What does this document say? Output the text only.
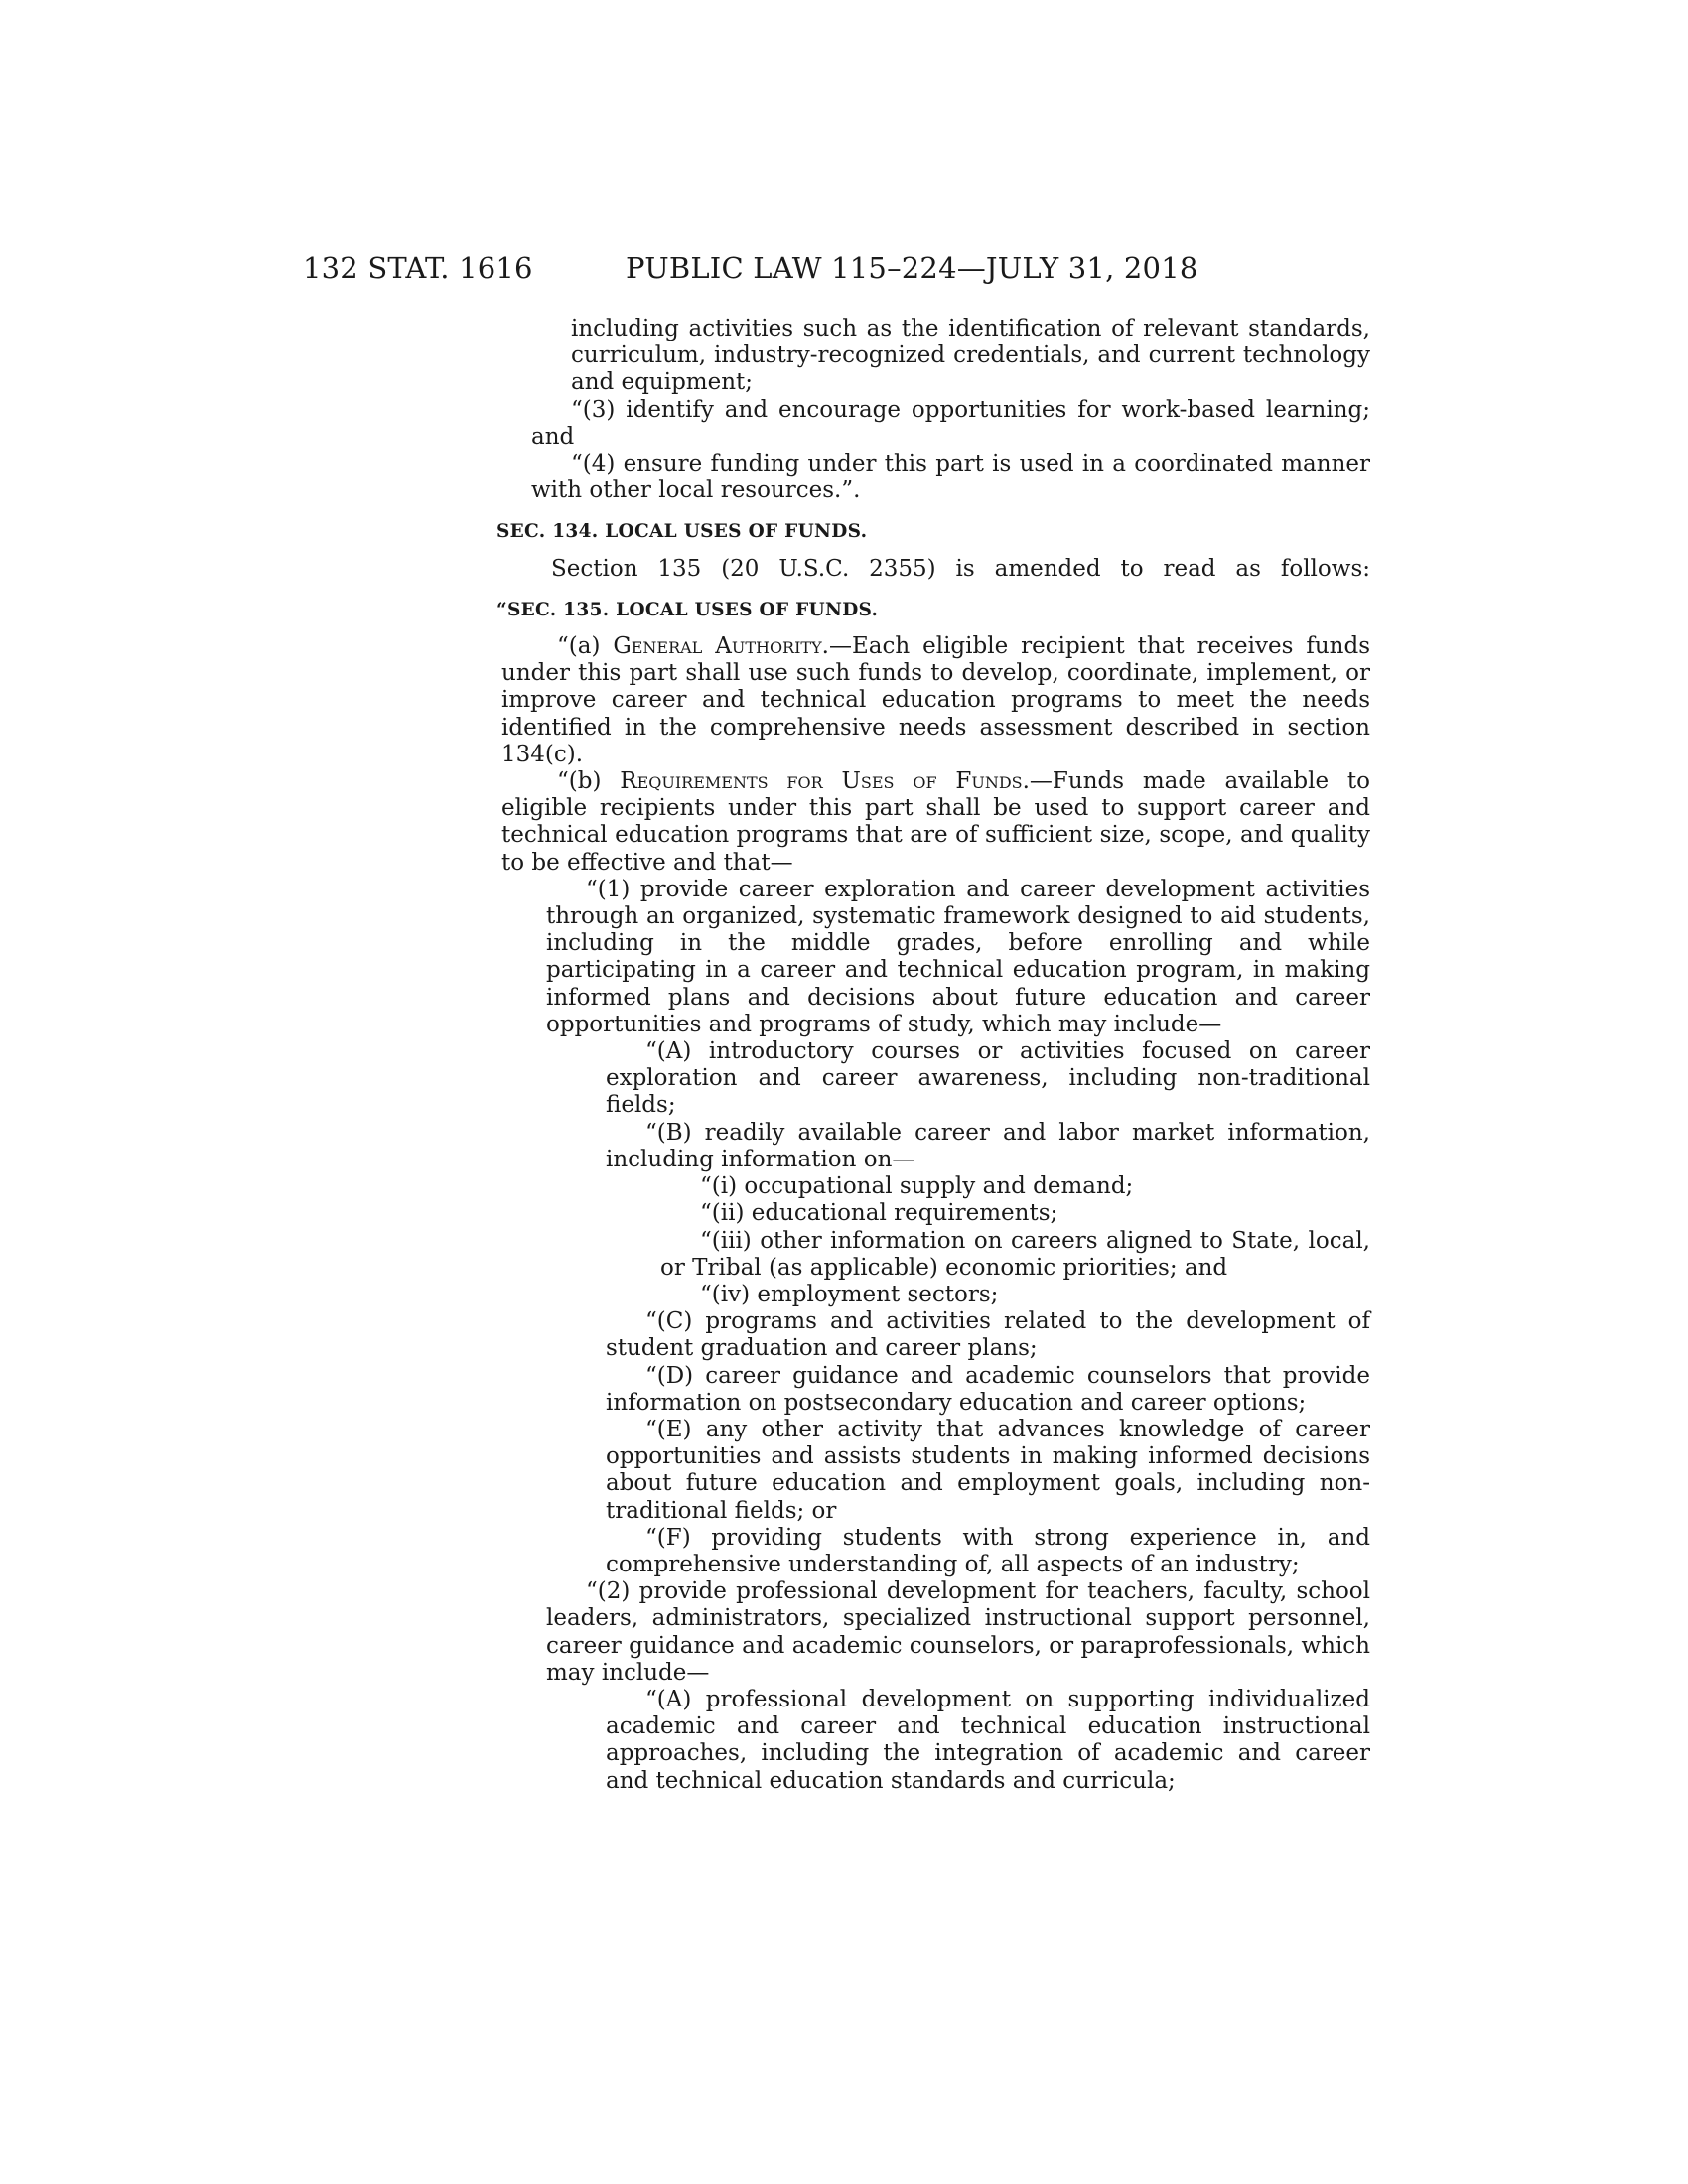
132 STAT. 1616	PUBLIC LAW 115–224—JULY 31, 2018

including activities such as the identification of relevant standards, curriculum, industry-recognized credentials, and current technology and equipment;

“(3) identify and encourage opportunities for work-based learning; and

“(4) ensure funding under this part is used in a coordinated manner with other local resources.”.

SEC. 134. LOCAL USES OF FUNDS.

Section 135 (20 U.S.C. 2355) is amended to read as follows:

“SEC. 135. LOCAL USES OF FUNDS.

“(a) General Authority.—Each eligible recipient that receives funds under this part shall use such funds to develop, coordinate, implement, or improve career and technical education programs to meet the needs identified in the comprehensive needs assessment described in section 134(c).

“(b) Requirements for Uses of Funds.—Funds made available to eligible recipients under this part shall be used to support career and technical education programs that are of sufficient size, scope, and quality to be effective and that—

“(1) provide career exploration and career development activities through an organized, systematic framework designed to aid students, including in the middle grades, before enrolling and while participating in a career and technical education program, in making informed plans and decisions about future education and career opportunities and programs of study, which may include—

“(A) introductory courses or activities focused on career exploration and career awareness, including non-traditional fields;

“(B) readily available career and labor market information, including information on—

“(i) occupational supply and demand;

“(ii) educational requirements;

“(iii) other information on careers aligned to State, local, or Tribal (as applicable) economic priorities; and

“(iv) employment sectors;

“(C) programs and activities related to the development of student graduation and career plans;

“(D) career guidance and academic counselors that provide information on postsecondary education and career options;

“(E) any other activity that advances knowledge of career opportunities and assists students in making informed decisions about future education and employment goals, including non-traditional fields; or

“(F) providing students with strong experience in, and comprehensive understanding of, all aspects of an industry;

“(2) provide professional development for teachers, faculty, school leaders, administrators, specialized instructional support personnel, career guidance and academic counselors, or paraprofessionals, which may include—

“(A) professional development on supporting individualized academic and career and technical education instructional approaches, including the integration of academic and career and technical education standards and curricula;
